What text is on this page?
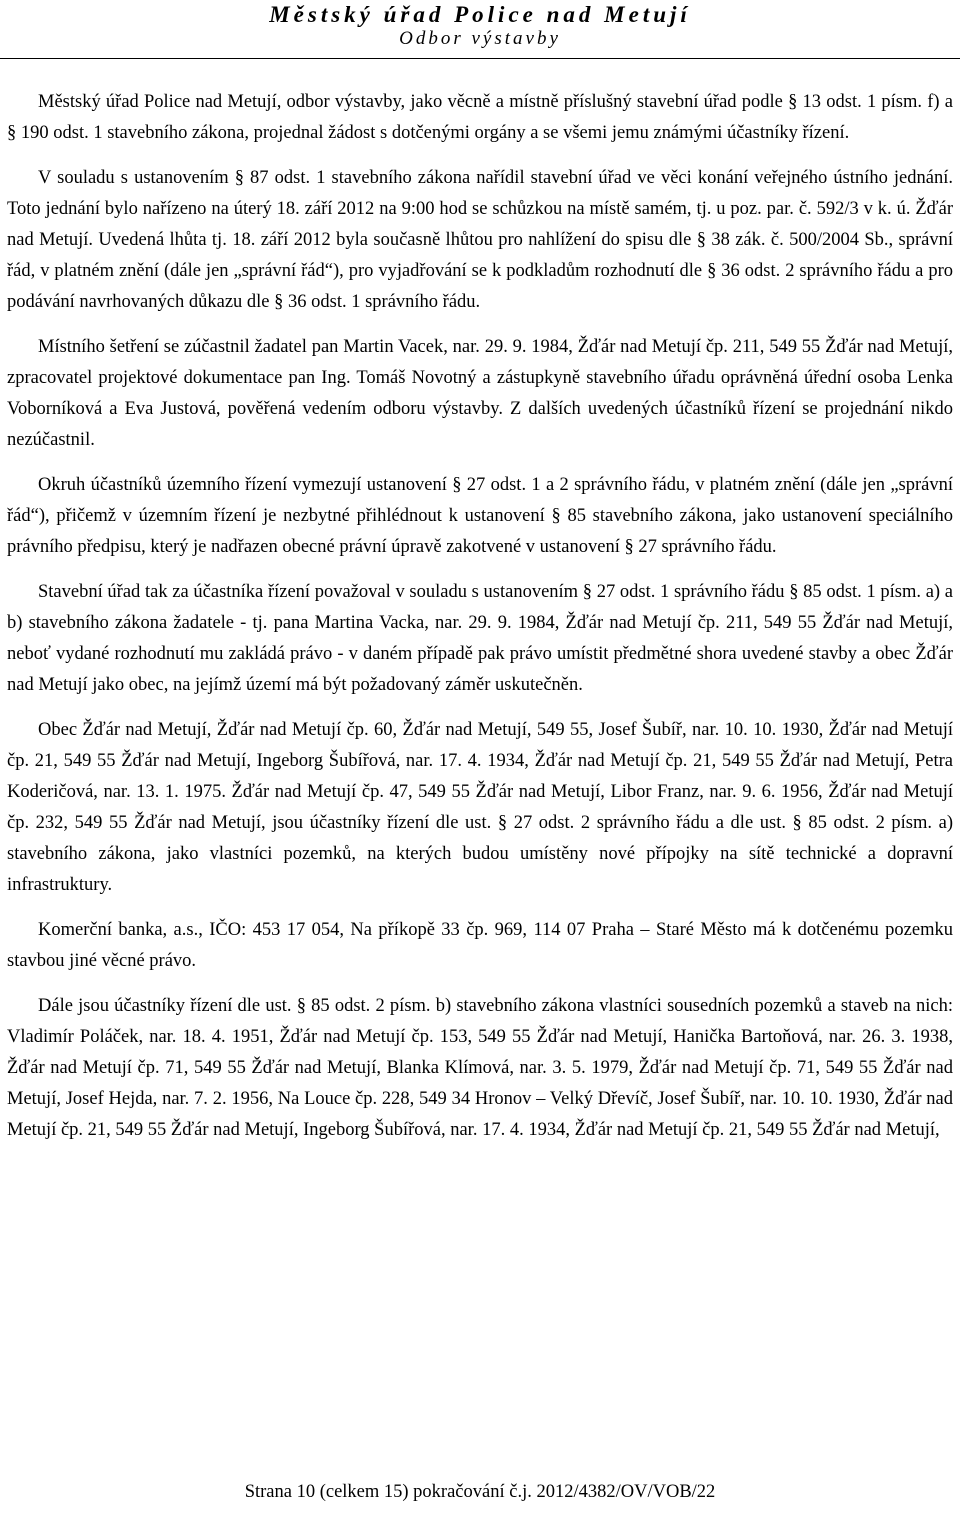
Městský úřad Police nad Metují
Odbor výstavby

Městský úřad Police nad Metují, odbor výstavby, jako věcně a místně příslušný stavební úřad podle § 13 odst. 1 písm. f) a § 190 odst. 1 stavebního zákona, projednal žádost s dotčenými orgány a se všemi jemu známými účastníky řízení.

V souladu s ustanovením § 87 odst. 1 stavebního zákona nařídil stavební úřad ve věci konání veřejného ústního jednání. Toto jednání bylo nařízeno na úterý 18. září 2012 na 9:00 hod se schůzkou na místě samém, tj. u poz. par. č. 592/3 v k. ú. Žďár nad Metují. Uvedená lhůta tj. 18. září 2012 byla současně lhůtou pro nahlížení do spisu dle § 38 zák. č. 500/2004 Sb., správní řád, v platném znění (dále jen „správní řád“), pro vyjadřování se k podkladům rozhodnutí dle § 36 odst. 2 správního řádu a pro podávání navrhovaných důkazu dle § 36 odst. 1 správního řádu.

Místního šetření se zúčastnil žadatel pan Martin Vacek, nar. 29. 9. 1984, Žďár nad Metují čp. 211, 549 55 Žďár nad Metují, zpracovatel projektové dokumentace pan Ing. Tomáš Novotný a zástupkyně stavebního úřadu oprávněná úřední osoba Lenka Voborníková a Eva Justová, pověřená vedením odboru výstavby. Z dalších uvedených účastníků řízení se projednání nikdo nezúčastnil.

Okruh účastníků územního řízení vymezují ustanovení § 27 odst. 1 a 2 správního řádu, v platném znění (dále jen „správní řád“), přičemž v územním řízení je nezbytné přihlédnout k ustanovení § 85 stavebního zákona, jako ustanovení speciálního právního předpisu, který je nadřazen obecné právní úpravě zakotvené v ustanovení § 27 správního řádu.

Stavební úřad tak za účastníka řízení považoval v souladu s ustanovením § 27 odst. 1 správního řádu § 85 odst. 1 písm. a) a b) stavebního zákona žadatele - tj. pana Martina Vacka, nar. 29. 9. 1984, Žďár nad Metují čp. 211, 549 55 Žďár nad Metují, neboť vydané rozhodnutí mu zakládá právo - v daném případě pak právo umístit předmětné shora uvedené stavby a obec Žďár nad Metují jako obec, na jejímž území má být požadovaný záměr uskutečněn.

Obec Žďár nad Metují, Žďár nad Metují čp. 60, Žďár nad Metují, 549 55, Josef Šubíř, nar. 10. 10. 1930, Žďár nad Metují čp. 21, 549 55 Žďár nad Metují, Ingeborg Šubířová, nar. 17. 4. 1934, Žďár nad Metují čp. 21, 549 55 Žďár nad Metují, Petra Koderičová, nar. 13. 1. 1975. Žďár nad Metují čp. 47, 549 55 Žďár nad Metují, Libor Franz, nar. 9. 6. 1956, Žďár nad Metují čp. 232, 549 55 Žďár nad Metují, jsou účastníky řízení dle ust. § 27 odst. 2 správního řádu a dle ust. § 85 odst. 2 písm. a) stavebního zákona, jako vlastníci pozemků, na kterých budou umístěny nové přípojky na sítě technické a dopravní infrastruktury.

Komerční banka, a.s., IČO: 453 17 054, Na příkopě 33 čp. 969, 114 07 Praha – Staré Město má k dotčenému pozemku stavbou jiné věcné právo.

Dále jsou účastníky řízení dle ust. § 85 odst. 2 písm. b) stavebního zákona vlastníci sousedních pozemků a staveb na nich: Vladimír Poláček, nar. 18. 4. 1951, Žďár nad Metují čp. 153, 549 55 Žďár nad Metují, Hanička Bartoňová, nar. 26. 3. 1938, Žďár nad Metují čp. 71, 549 55 Žďár nad Metují, Blanka Klímová, nar. 3. 5. 1979, Žďár nad Metují čp. 71, 549 55 Žďár nad Metují, Josef Hejda, nar. 7. 2. 1956, Na Louce čp. 228, 549 34 Hronov – Velký Dřevíč, Josef Šubíř, nar. 10. 10. 1930, Žďár nad Metují čp. 21, 549 55 Žďár nad Metují, Ingeborg Šubířová, nar. 17. 4. 1934, Žďár nad Metují čp. 21, 549 55 Žďár nad Metují,

Strana 10 (celkem 15) pokračování č.j. 2012/4382/OV/VOB/22
